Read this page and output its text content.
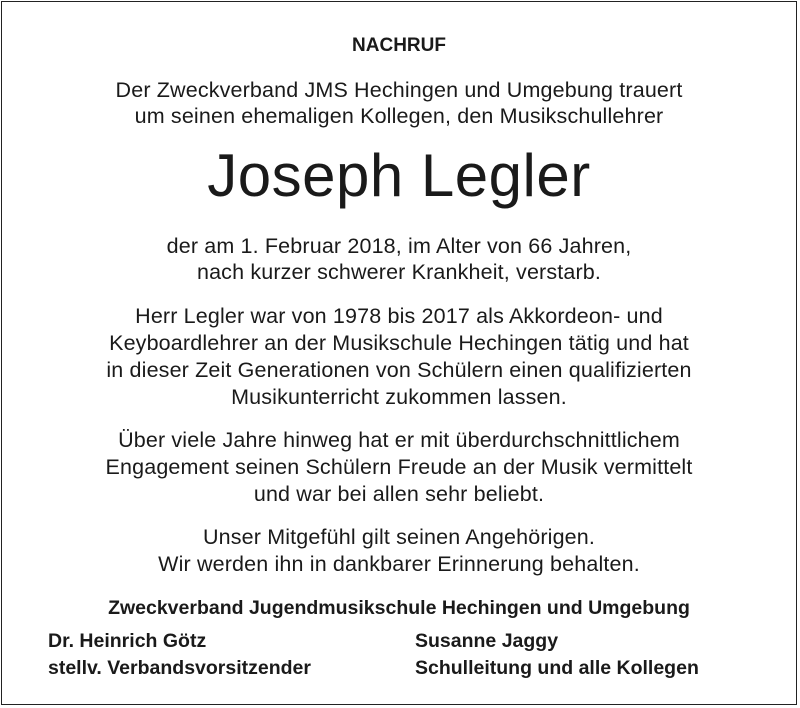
NACHRUF
Der Zweckverband JMS Hechingen und Umgebung trauert
um seinen ehemaligen Kollegen, den Musikschullehrer
Joseph Legler
der am 1. Februar 2018, im Alter von 66 Jahren,
nach kurzer schwerer Krankheit, verstarb.
Herr Legler war von 1978 bis 2017 als Akkordeon- und
Keyboardlehrer an der Musikschule Hechingen tätig und hat
in dieser Zeit Generationen von Schülern einen qualifizierten
Musikunterricht zukommen lassen.
Über viele Jahre hinweg hat er mit überdurchschnittlichem
Engagement seinen Schülern Freude an der Musik vermittelt
und war bei allen sehr beliebt.
Unser Mitgefühl gilt seinen Angehörigen.
Wir werden ihn in dankbarer Erinnerung behalten.
Zweckverband Jugendmusikschule Hechingen und Umgebung
Dr. Heinrich Götz
stellv. Verbandsvorsitzender
Susanne Jaggy
Schulleitung und alle Kollegen
